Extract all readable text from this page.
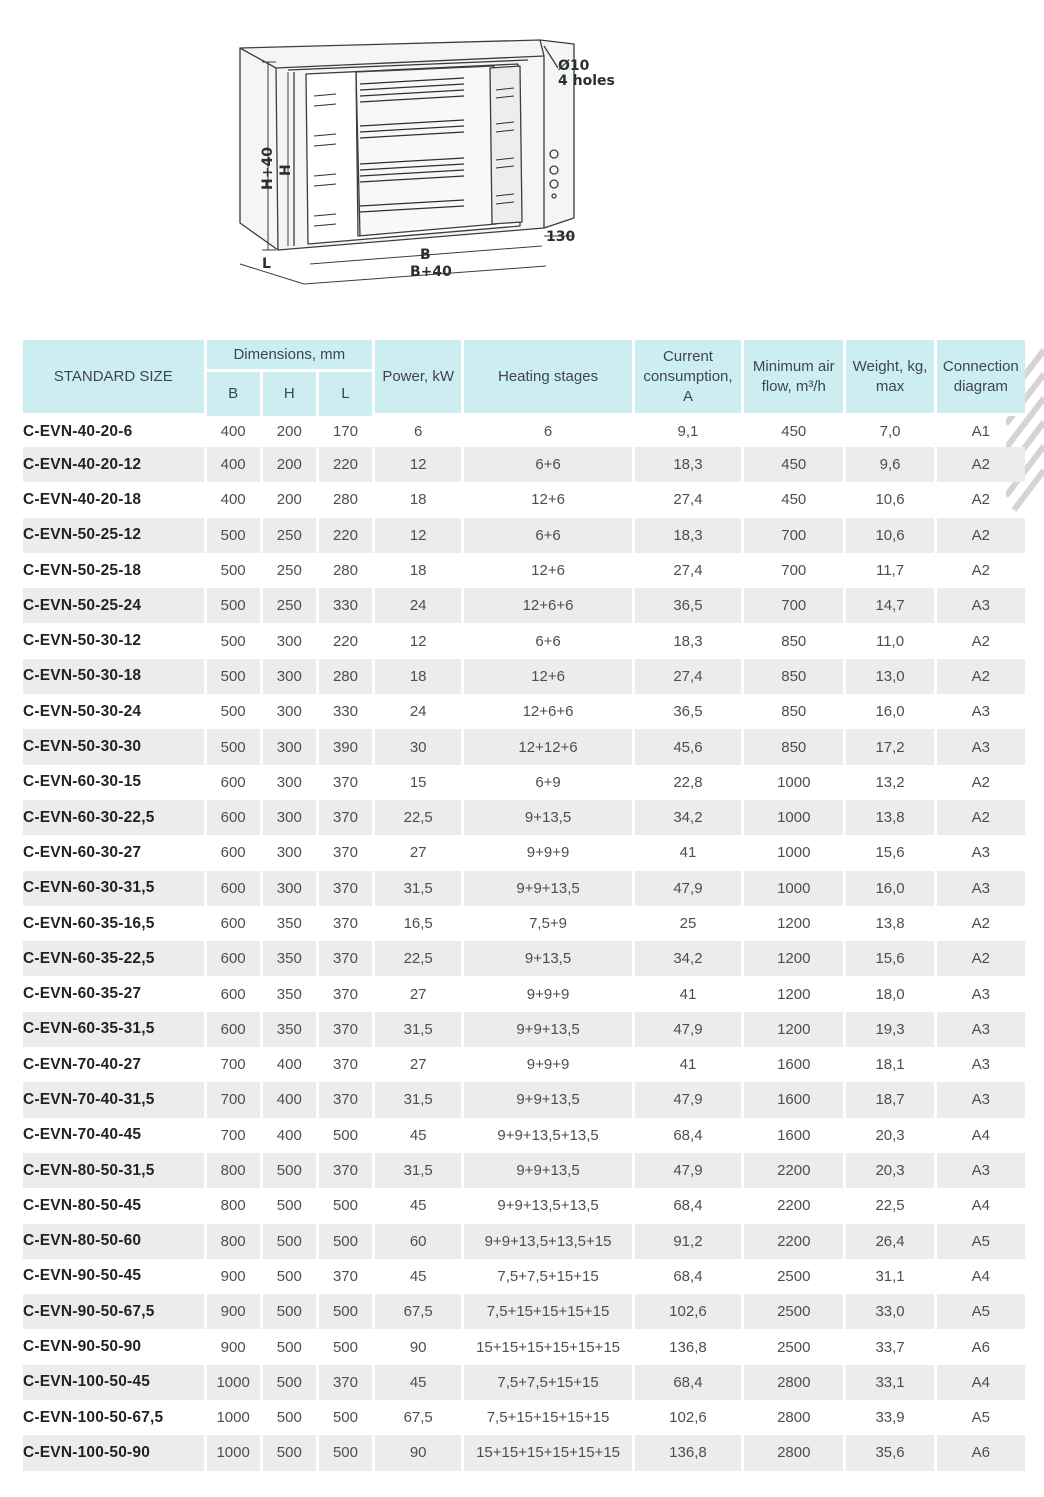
Ø10
4 holes
H+40 H
B
B+40
L
130
STANDARD SIZE	Dimensions, mm			Power, kW	Heating stages	Current
consumption,
A	Minimum air
flow, m³/h	Weight, kg,
max	Connection
diagram
	B	H	L						
C-EVN-40-20-6	400	200	170	6	6	9,1	450	7,0	A1
C-EVN-40-20-12	400	200	220	12	6+6	18,3	450	9,6	A2
C-EVN-40-20-18	400	200	280	18	12+6	27,4	450	10,6	A2
C-EVN-50-25-12	500	250	220	12	6+6	18,3	700	10,6	A2
C-EVN-50-25-18	500	250	280	18	12+6	27,4	700	11,7	A2
C-EVN-50-25-24	500	250	330	24	12+6+6	36,5	700	14,7	A3
C-EVN-50-30-12	500	300	220	12	6+6	18,3	850	11,0	A2
C-EVN-50-30-18	500	300	280	18	12+6	27,4	850	13,0	A2
C-EVN-50-30-24	500	300	330	24	12+6+6	36,5	850	16,0	A3
C-EVN-50-30-30	500	300	390	30	12+12+6	45,6	850	17,2	A3
C-EVN-60-30-15	600	300	370	15	6+9	22,8	1000	13,2	A2
C-EVN-60-30-22,5	600	300	370	22,5	9+13,5	34,2	1000	13,8	A2
C-EVN-60-30-27	600	300	370	27	9+9+9	41	1000	15,6	A3
C-EVN-60-30-31,5	600	300	370	31,5	9+9+13,5	47,9	1000	16,0	A3
C-EVN-60-35-16,5	600	350	370	16,5	7,5+9	25	1200	13,8	A2
C-EVN-60-35-22,5	600	350	370	22,5	9+13,5	34,2	1200	15,6	A2
C-EVN-60-35-27	600	350	370	27	9+9+9	41	1200	18,0	A3
C-EVN-60-35-31,5	600	350	370	31,5	9+9+13,5	47,9	1200	19,3	A3
C-EVN-70-40-27	700	400	370	27	9+9+9	41	1600	18,1	A3
C-EVN-70-40-31,5	700	400	370	31,5	9+9+13,5	47,9	1600	18,7	A3
C-EVN-70-40-45	700	400	500	45	9+9+13,5+13,5	68,4	1600	20,3	A4
C-EVN-80-50-31,5	800	500	370	31,5	9+9+13,5	47,9	2200	20,3	A3
C-EVN-80-50-45	800	500	500	45	9+9+13,5+13,5	68,4	2200	22,5	A4
C-EVN-80-50-60	800	500	500	60	9+9+13,5+13,5+15	91,2	2200	26,4	A5
C-EVN-90-50-45	900	500	370	45	7,5+7,5+15+15	68,4	2500	31,1	A4
C-EVN-90-50-67,5	900	500	500	67,5	7,5+15+15+15+15	102,6	2500	33,0	A5
C-EVN-90-50-90	900	500	500	90	15+15+15+15+15+15	136,8	2500	33,7	A6
C-EVN-100-50-45	1000	500	370	45	7,5+7,5+15+15	68,4	2800	33,1	A4
C-EVN-100-50-67,5	1000	500	500	67,5	7,5+15+15+15+15	102,6	2800	33,9	A5
C-EVN-100-50-90	1000	500	500	90	15+15+15+15+15+15	136,8	2800	35,6	A6
